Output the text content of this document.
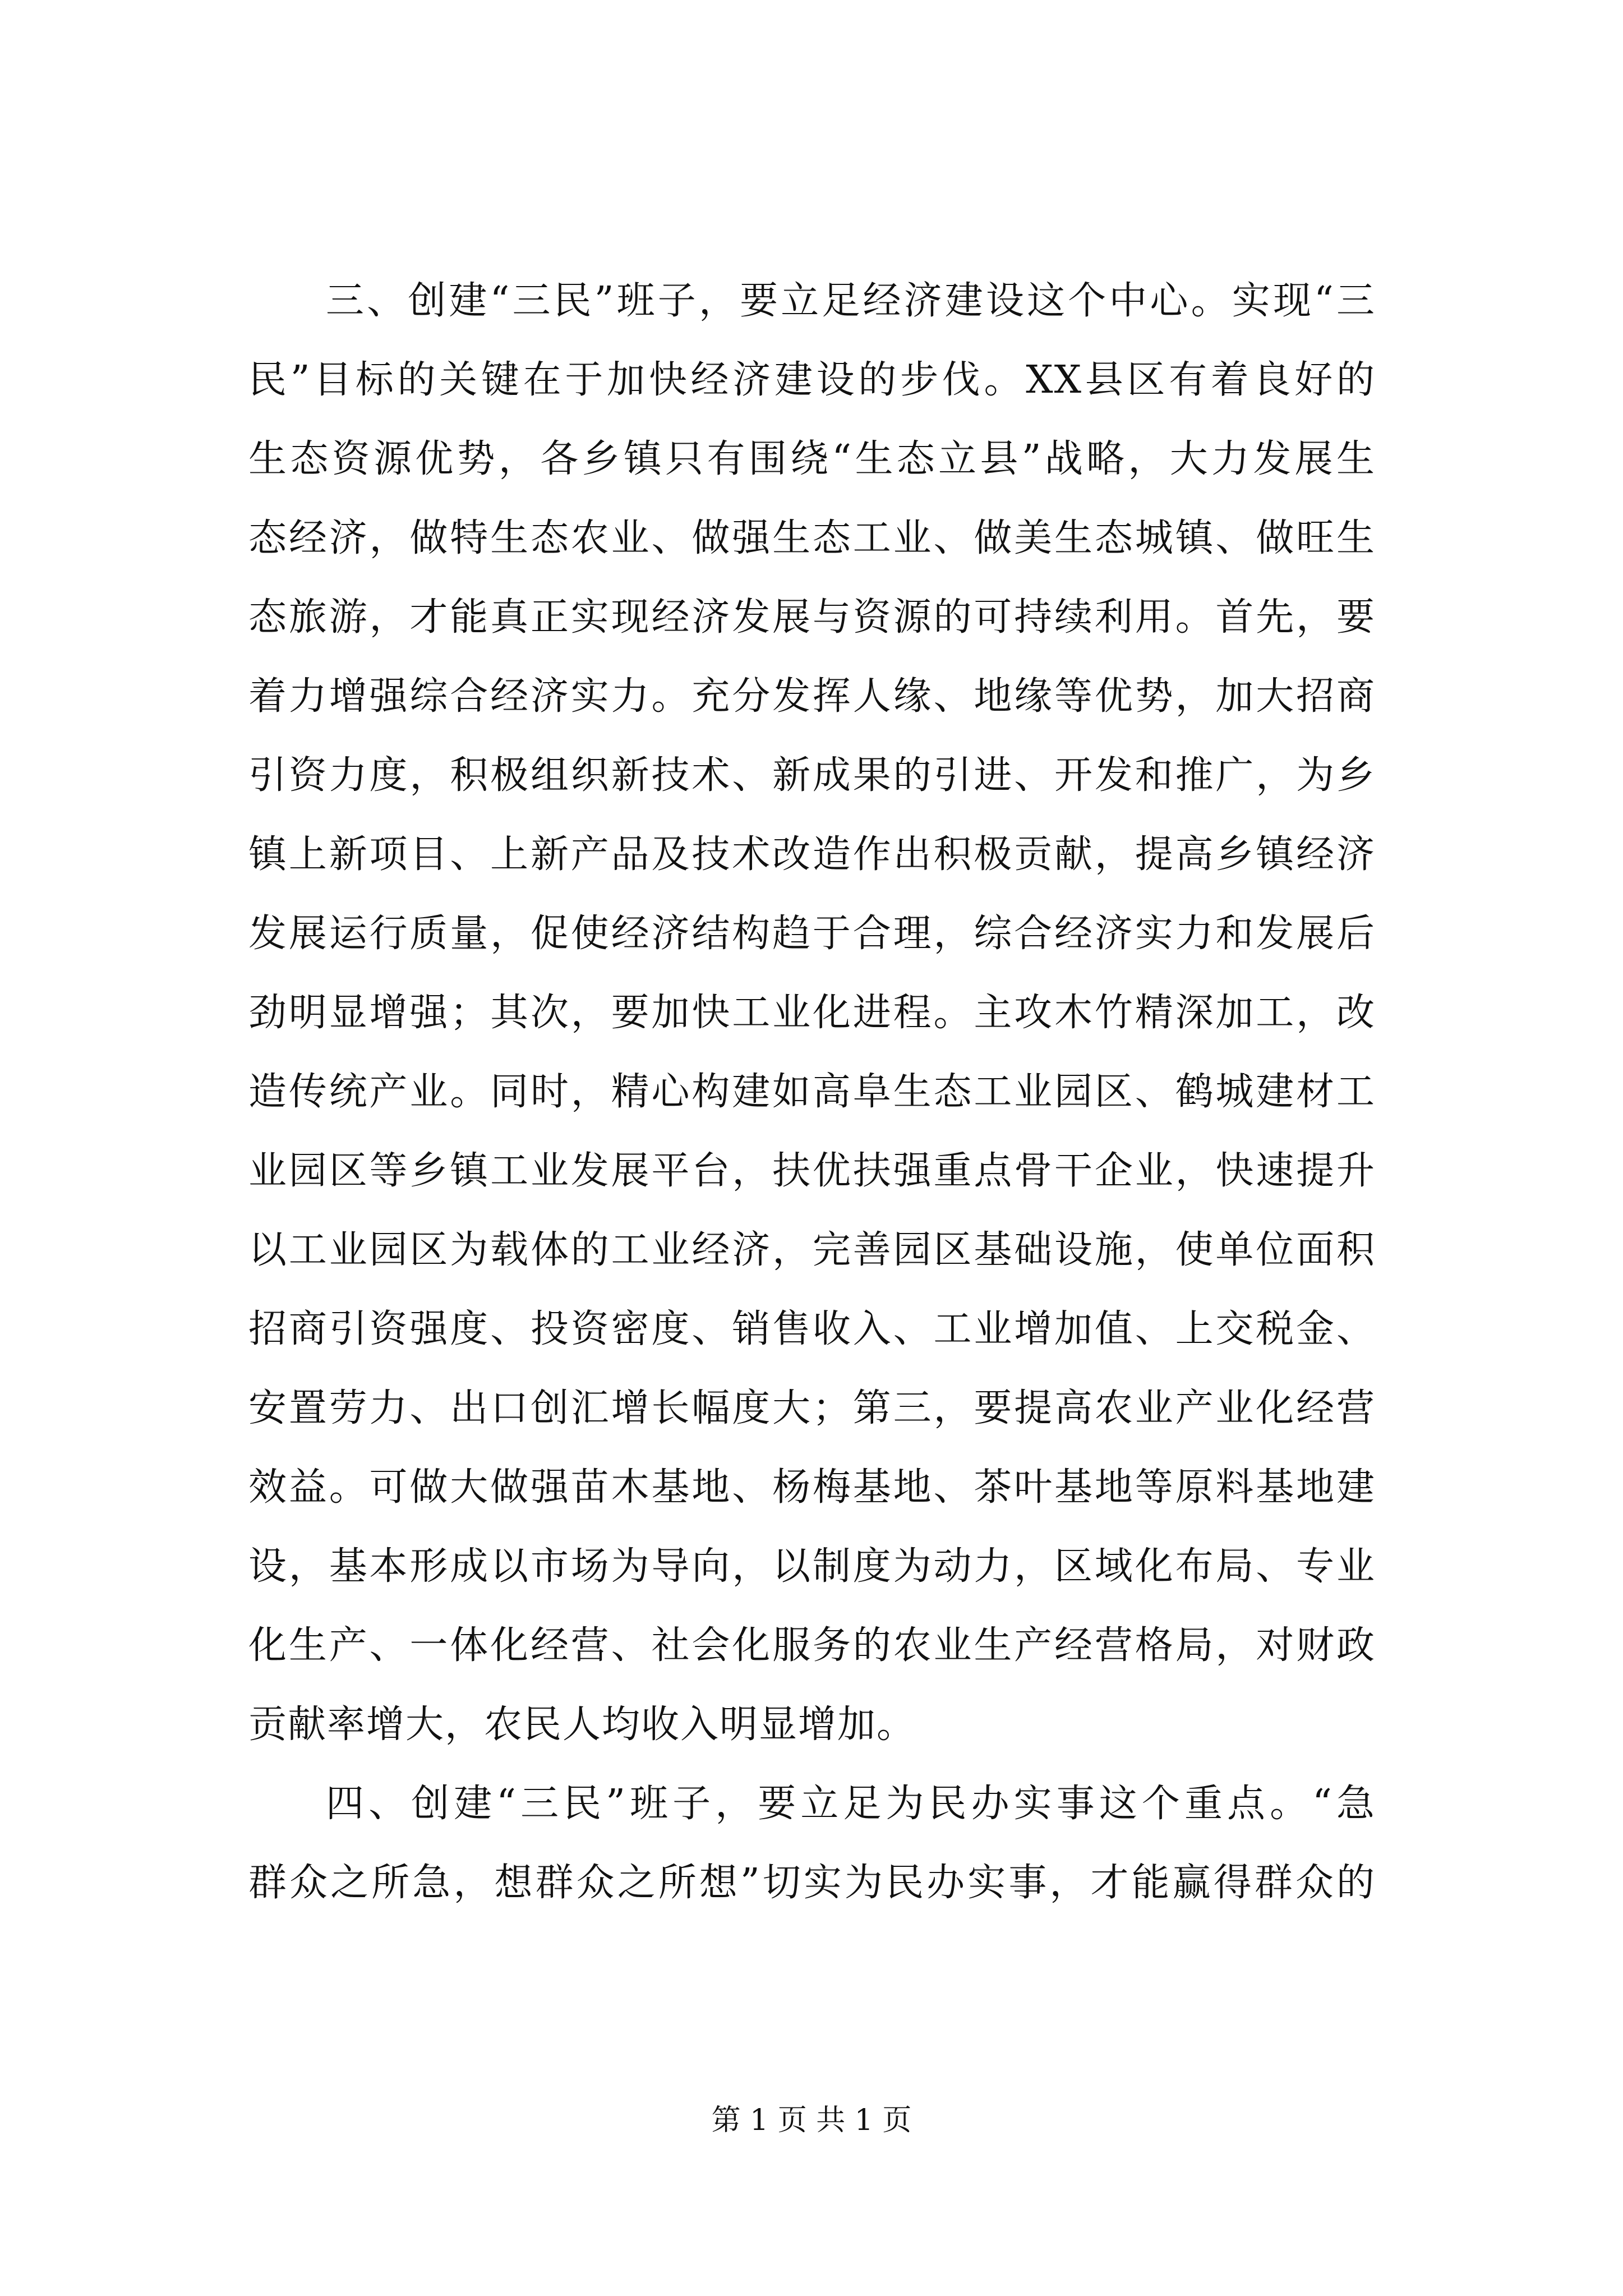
三、创建“三民”班子，要立足经济建设这个中心。实现“三
民”目标的关键在于加快经济建设的步伐。XX县区有着良好的
生态资源优势，各乡镇只有围绕“生态立县”战略，大力发展生
态经济，做特生态农业、做强生态工业、做美生态城镇、做旺生
态旅游，才能真正实现经济发展与资源的可持续利用。首先，要
着力增强综合经济实力。充分发挥人缘、地缘等优势，加大招商
引资力度，积极组织新技术、新成果的引进、开发和推广，为乡
镇上新项目、上新产品及技术改造作出积极贡献，提高乡镇经济
发展运行质量，促使经济结构趋于合理，综合经济实力和发展后
劲明显增强；其次，要加快工业化进程。主攻木竹精深加工，改
造传统产业。同时，精心构建如高阜生态工业园区、鹤城建材工
业园区等乡镇工业发展平台，扶优扶强重点骨干企业，快速提升
以工业园区为载体的工业经济，完善园区基础设施，使单位面积
招商引资强度、投资密度、销售收入、工业增加值、上交税金、
安置劳力、出口创汇增长幅度大；第三，要提高农业产业化经营
效益。可做大做强苗木基地、杨梅基地、茶叶基地等原料基地建
设，基本形成以市场为导向，以制度为动力，区域化布局、专业
化生产、一体化经营、社会化服务的农业生产经营格局，对财政
贡献率增大，农民人均收入明显增加。
四、创建“三民”班子，要立足为民办实事这个重点。“急
群众之所急，想群众之所想”切实为民办实事，才能赢得群众的
第 1 页 共 1 页
